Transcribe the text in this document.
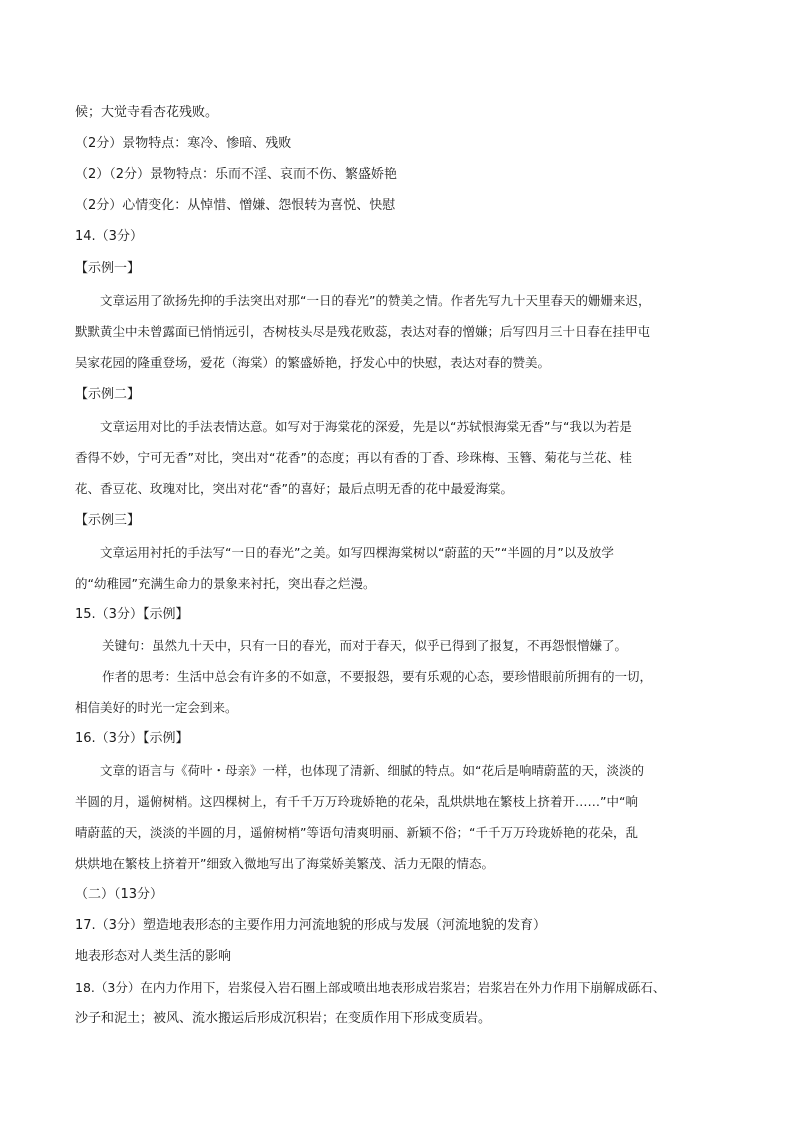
候；大觉寺看杏花残败。
（2分）景物特点：寒冷、惨暗、残败
（2）（2分）景物特点：乐而不淫、哀而不伤、繁盛娇艳
（2分）心情变化：从悼惜、憎嫌、怨恨转为喜悦、快慰
14.（3分）
【示例一】
文章运用了欲扬先抑的手法突出对那“一日的春光”的赞美之情。作者先写九十天里春天的姗姗来迟，
默默黄尘中未曾露面已悄悄远引，杏树枝头尽是残花败蕊，表达对春的憎嫌；后写四月三十日春在挂甲屯
吴家花园的隆重登场，爱花（海棠）的繁盛娇艳，抒发心中的快慰，表达对春的赞美。
【示例二】
文章运用对比的手法表情达意。如写对于海棠花的深爱，先是以“苏轼恨海棠无香”与“我以为若是
香得不妙，宁可无香”对比，突出对“花香”的态度；再以有香的丁香、珍珠梅、玉簪、菊花与兰花、桂
花、香豆花、玫瑰对比，突出对花“香”的喜好；最后点明无香的花中最爱海棠。
【示例三】
文章运用衬托的手法写“一日的春光”之美。如写四棵海棠树以“蔚蓝的天”“半圆的月”以及放学
的“幼稚园”充满生命力的景象来衬托，突出春之烂漫。
15.（3分）【示例】
关键句：虽然九十天中，只有一日的春光，而对于春天，似乎已得到了报复，不再怨恨憎嫌了。
作者的思考：生活中总会有许多的不如意，不要报怨，要有乐观的心态，要珍惜眼前所拥有的一切，
相信美好的时光一定会到来。
16.（3分）【示例】
文章的语言与《荷叶・母亲》一样，也体现了清新、细腻的特点。如“花后是响晴蔚蓝的天，淡淡的
半圆的月，遥俯树梢。这四棵树上，有千千万万玲珑娇艳的花朵，乱烘烘地在繁枝上挤着开……”中“响
晴蔚蓝的天，淡淡的半圆的月，遥俯树梢”等语句清爽明丽、新颖不俗；“千千万万玲珑娇艳的花朵，乱
烘烘地在繁枝上挤着开”细致入微地写出了海棠娇美繁茂、活力无限的情态。
（二）（13分）
17.（3分）塑造地表形态的主要作用力河流地貌的形成与发展（河流地貌的发育）
地表形态对人类生活的影响
18.（3分）在内力作用下，岩浆侵入岩石圈上部或喷出地表形成岩浆岩；岩浆岩在外力作用下崩解成砾石、
沙子和泥土；被风、流水搬运后形成沉积岩；在变质作用下形成变质岩。
